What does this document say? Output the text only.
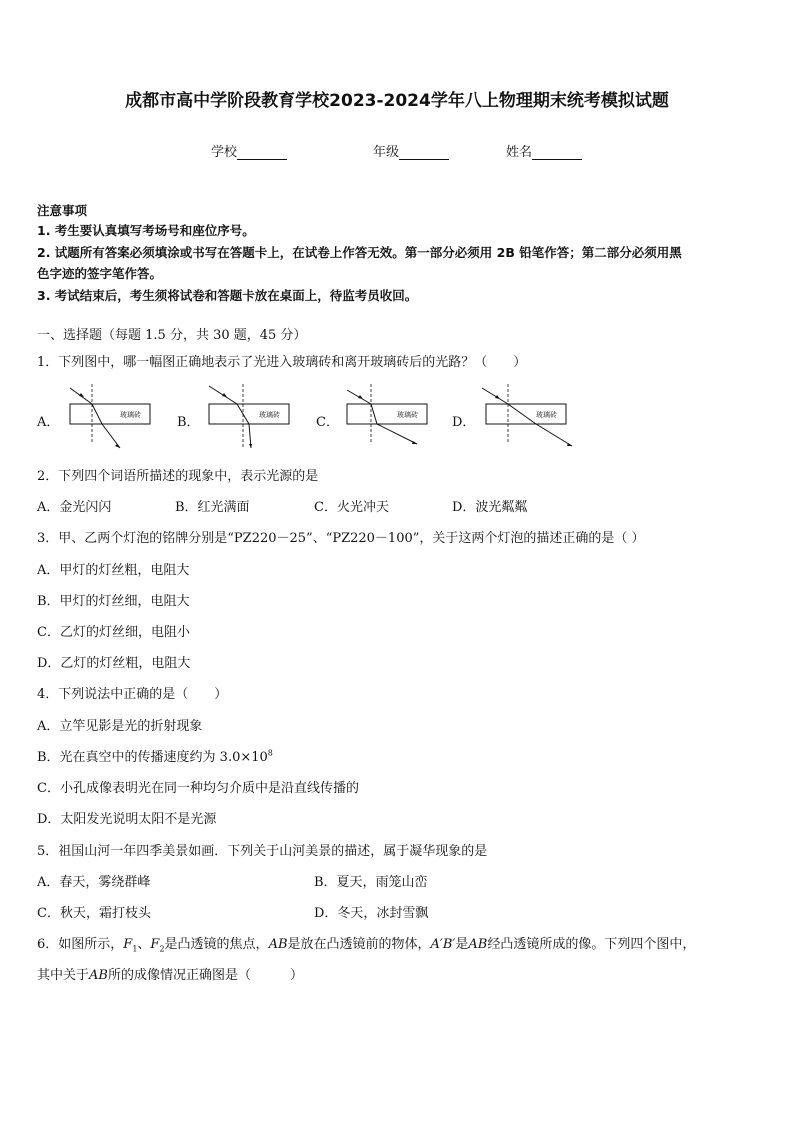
成都市高中学阶段教育学校2023-2024学年八上物理期末统考模拟试题
学校	年级	姓名
注意事项
1. 考生要认真填写考场号和座位序号。
2. 试题所有答案必须填涂或书写在答题卡上，在试卷上作答无效。第一部分必须用 2B 铅笔作答；第二部分必须用黑
色字迹的签字笔作答。
3. 考试结束后，考生须将试卷和答题卡放在桌面上，待监考员收回。
一、选择题（每题 1.5 分，共 30 题，45 分）
1．下列图中，哪一幅图正确地表示了光进入玻璃砖和离开玻璃砖后的光路？（　　）
A．	玻璃砖	B．	玻璃砖	C．	玻璃砖	D．	玻璃砖
2．下列四个词语所描述的现象中，表示光源的是
A．金光闪闪	B．红光满面	C．火光冲天	D．波光粼粼
3．甲、乙两个灯泡的铭牌分别是“PZ220－25”、“PZ220－100”，关于这两个灯泡的描述正确的是（ ）
A．甲灯的灯丝粗，电阻大
B．甲灯的灯丝细，电阻大
C．乙灯的灯丝细，电阻小
D．乙灯的灯丝粗，电阻大
4．下列说法中正确的是（　　）
A．立竿见影是光的折射现象
B．光在真空中的传播速度约为 $3.0\times 10^8$
C．小孔成像表明光在同一种均匀介质中是沿直线传播的
D．太阳发光说明太阳不是光源
5．祖国山河一年四季美景如画．下列关于山河美景的描述，属于凝华现象的是
A．春天，雾绕群峰	B．夏天，雨笼山峦
C．秋天，霜打枝头	D．冬天，冰封雪飘
6．如图所示，$F_1$、$F_2$是凸透镜的焦点，AB是放在凸透镜前的物体，A′B′是AB经凸透镜所成的像。下列四个图中，
其中关于AB所的成像情况正确图是（　　　）
